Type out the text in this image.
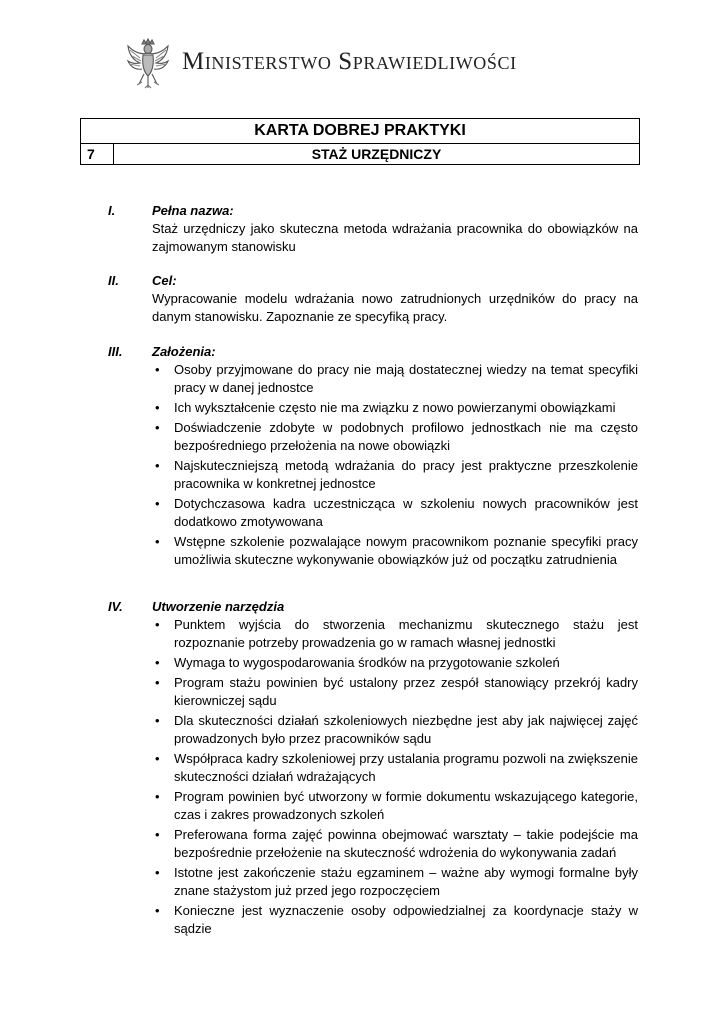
Ministerstwo Sprawiedliwości
KARTA DOBREJ PRAKTYKI
7	STAŻ URZĘDNICZY
I.	Pełna nazwa:
Staż urzędniczy jako skuteczna metoda wdrażania pracownika do obowiązków na zajmowanym stanowisku
II.	Cel:
Wypracowanie modelu wdrażania nowo zatrudnionych urzędników do pracy na danym stanowisku. Zapoznanie ze specyfiką pracy.
III. Założenia:
• Osoby przyjmowane do pracy nie mają dostatecznej wiedzy na temat specyfiki pracy w danej jednostce
• Ich wykształcenie często nie ma związku z nowo powierzanymi obowiązkami
• Doświadczenie zdobyte w podobnych profilowo jednostkach nie ma często bezpośredniego przełożenia na nowe obowiązki
• Najskuteczniejszą metodą wdrażania do pracy jest praktyczne przeszkolenie pracownika w konkretnej jednostce
• Dotychczasowa kadra uczestnicząca w szkoleniu nowych pracowników jest dodatkowo zmotywowana
• Wstępne szkolenie pozwalające nowym pracownikom poznanie specyfiki pracy umożliwia skuteczne wykonywanie obowiązków już od początku zatrudnienia
IV. Utworzenie narzędzia
• Punktem wyjścia do stworzenia mechanizmu skutecznego stażu jest rozpoznanie potrzeby prowadzenia go w ramach własnej jednostki
• Wymaga to wygospodarowania środków na przygotowanie szkoleń
• Program stażu powinien być ustalony przez zespół stanowiący przekrój kadry kierowniczej sądu
• Dla skuteczności działań szkoleniowych niezbędne jest aby jak najwięcej zajęć prowadzonych było przez pracowników sądu
• Współpraca kadry szkoleniowej przy ustalania programu pozwoli na zwiększenie skuteczności działań wdrażających
• Program powinien być utworzony w formie dokumentu wskazującego kategorie, czas i zakres prowadzonych szkoleń
• Preferowana forma zajęć powinna obejmować warsztaty – takie podejście ma bezpośrednie przełożenie na skuteczność wdrożenia do wykonywania zadań
• Istotne jest zakończenie stażu egzaminem – ważne aby wymogi formalne były znane stażystom już przed jego rozpoczęciem
• Konieczne jest wyznaczenie osoby odpowiedzialnej za koordynacje staży w sądzie
